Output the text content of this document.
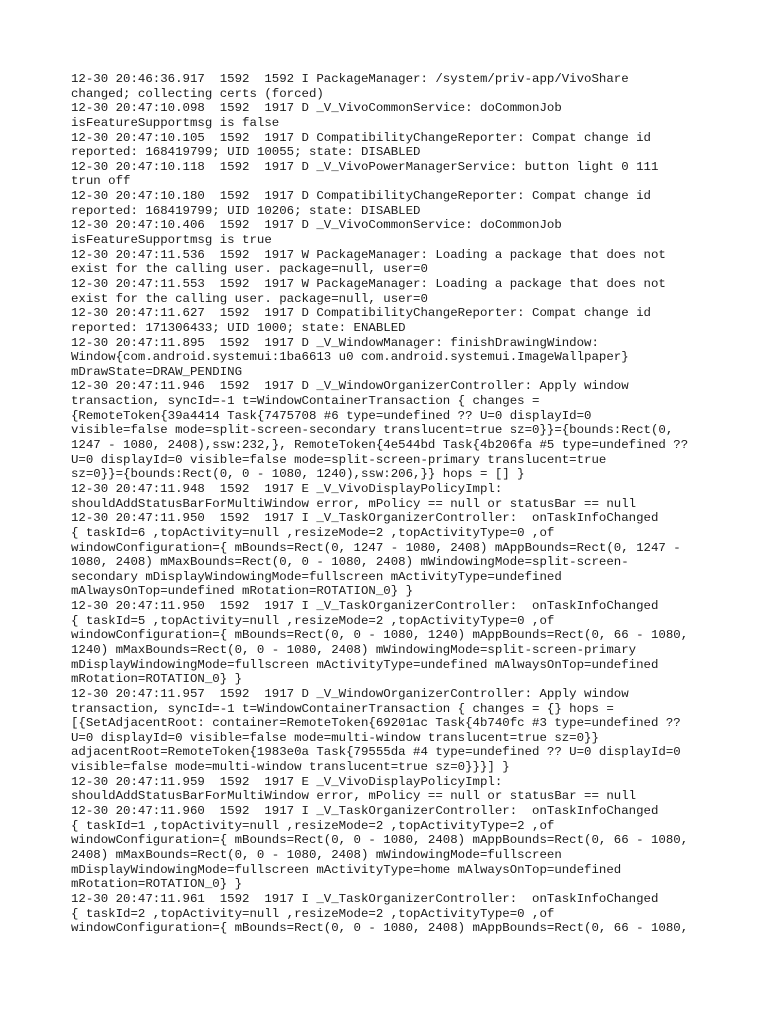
12-30 20:46:36.917  1592  1592 I PackageManager: /system/priv-app/VivoShare
changed; collecting certs (forced)
12-30 20:47:10.098  1592  1917 D _V_VivoCommonService: doCommonJob
isFeatureSupportmsg is false
12-30 20:47:10.105  1592  1917 D CompatibilityChangeReporter: Compat change id
reported: 168419799; UID 10055; state: DISABLED
12-30 20:47:10.118  1592  1917 D _V_VivoPowerManagerService: button light 0 111
trun off
12-30 20:47:10.180  1592  1917 D CompatibilityChangeReporter: Compat change id
reported: 168419799; UID 10206; state: DISABLED
12-30 20:47:10.406  1592  1917 D _V_VivoCommonService: doCommonJob
isFeatureSupportmsg is true
12-30 20:47:11.536  1592  1917 W PackageManager: Loading a package that does not
exist for the calling user. package=null, user=0
12-30 20:47:11.553  1592  1917 W PackageManager: Loading a package that does not
exist for the calling user. package=null, user=0
12-30 20:47:11.627  1592  1917 D CompatibilityChangeReporter: Compat change id
reported: 171306433; UID 1000; state: ENABLED
12-30 20:47:11.895  1592  1917 D _V_WindowManager: finishDrawingWindow:
Window{com.android.systemui:1ba6613 u0 com.android.systemui.ImageWallpaper}
mDrawState=DRAW_PENDING
12-30 20:47:11.946  1592  1917 D _V_WindowOrganizerController: Apply window
transaction, syncId=-1 t=WindowContainerTransaction { changes =
{RemoteToken{39a4414 Task{7475708 #6 type=undefined ?? U=0 displayId=0
visible=false mode=split-screen-secondary translucent=true sz=0}}={bounds:Rect(0,
1247 - 1080, 2408),ssw:232,}, RemoteToken{4e544bd Task{4b206fa #5 type=undefined ??
U=0 displayId=0 visible=false mode=split-screen-primary translucent=true
sz=0}}={bounds:Rect(0, 0 - 1080, 1240),ssw:206,}} hops = [] }
12-30 20:47:11.948  1592  1917 E _V_VivoDisplayPolicyImpl:
shouldAddStatusBarForMultiWindow error, mPolicy == null or statusBar == null
12-30 20:47:11.950  1592  1917 I _V_TaskOrganizerController:  onTaskInfoChanged
{ taskId=6 ,topActivity=null ,resizeMode=2 ,topActivityType=0 ,of
windowConfiguration={ mBounds=Rect(0, 1247 - 1080, 2408) mAppBounds=Rect(0, 1247 -
1080, 2408) mMaxBounds=Rect(0, 0 - 1080, 2408) mWindowingMode=split-screen-
secondary mDisplayWindowingMode=fullscreen mActivityType=undefined
mAlwaysOnTop=undefined mRotation=ROTATION_0} }
12-30 20:47:11.950  1592  1917 I _V_TaskOrganizerController:  onTaskInfoChanged
{ taskId=5 ,topActivity=null ,resizeMode=2 ,topActivityType=0 ,of
windowConfiguration={ mBounds=Rect(0, 0 - 1080, 1240) mAppBounds=Rect(0, 66 - 1080,
1240) mMaxBounds=Rect(0, 0 - 1080, 2408) mWindowingMode=split-screen-primary
mDisplayWindowingMode=fullscreen mActivityType=undefined mAlwaysOnTop=undefined
mRotation=ROTATION_0} }
12-30 20:47:11.957  1592  1917 D _V_WindowOrganizerController: Apply window
transaction, syncId=-1 t=WindowContainerTransaction { changes = {} hops =
[{SetAdjacentRoot: container=RemoteToken{69201ac Task{4b740fc #3 type=undefined ??
U=0 displayId=0 visible=false mode=multi-window translucent=true sz=0}}
adjacentRoot=RemoteToken{1983e0a Task{79555da #4 type=undefined ?? U=0 displayId=0
visible=false mode=multi-window translucent=true sz=0}}}] }
12-30 20:47:11.959  1592  1917 E _V_VivoDisplayPolicyImpl:
shouldAddStatusBarForMultiWindow error, mPolicy == null or statusBar == null
12-30 20:47:11.960  1592  1917 I _V_TaskOrganizerController:  onTaskInfoChanged
{ taskId=1 ,topActivity=null ,resizeMode=2 ,topActivityType=2 ,of
windowConfiguration={ mBounds=Rect(0, 0 - 1080, 2408) mAppBounds=Rect(0, 66 - 1080,
2408) mMaxBounds=Rect(0, 0 - 1080, 2408) mWindowingMode=fullscreen
mDisplayWindowingMode=fullscreen mActivityType=home mAlwaysOnTop=undefined
mRotation=ROTATION_0} }
12-30 20:47:11.961  1592  1917 I _V_TaskOrganizerController:  onTaskInfoChanged
{ taskId=2 ,topActivity=null ,resizeMode=2 ,topActivityType=0 ,of
windowConfiguration={ mBounds=Rect(0, 0 - 1080, 2408) mAppBounds=Rect(0, 66 - 1080,
